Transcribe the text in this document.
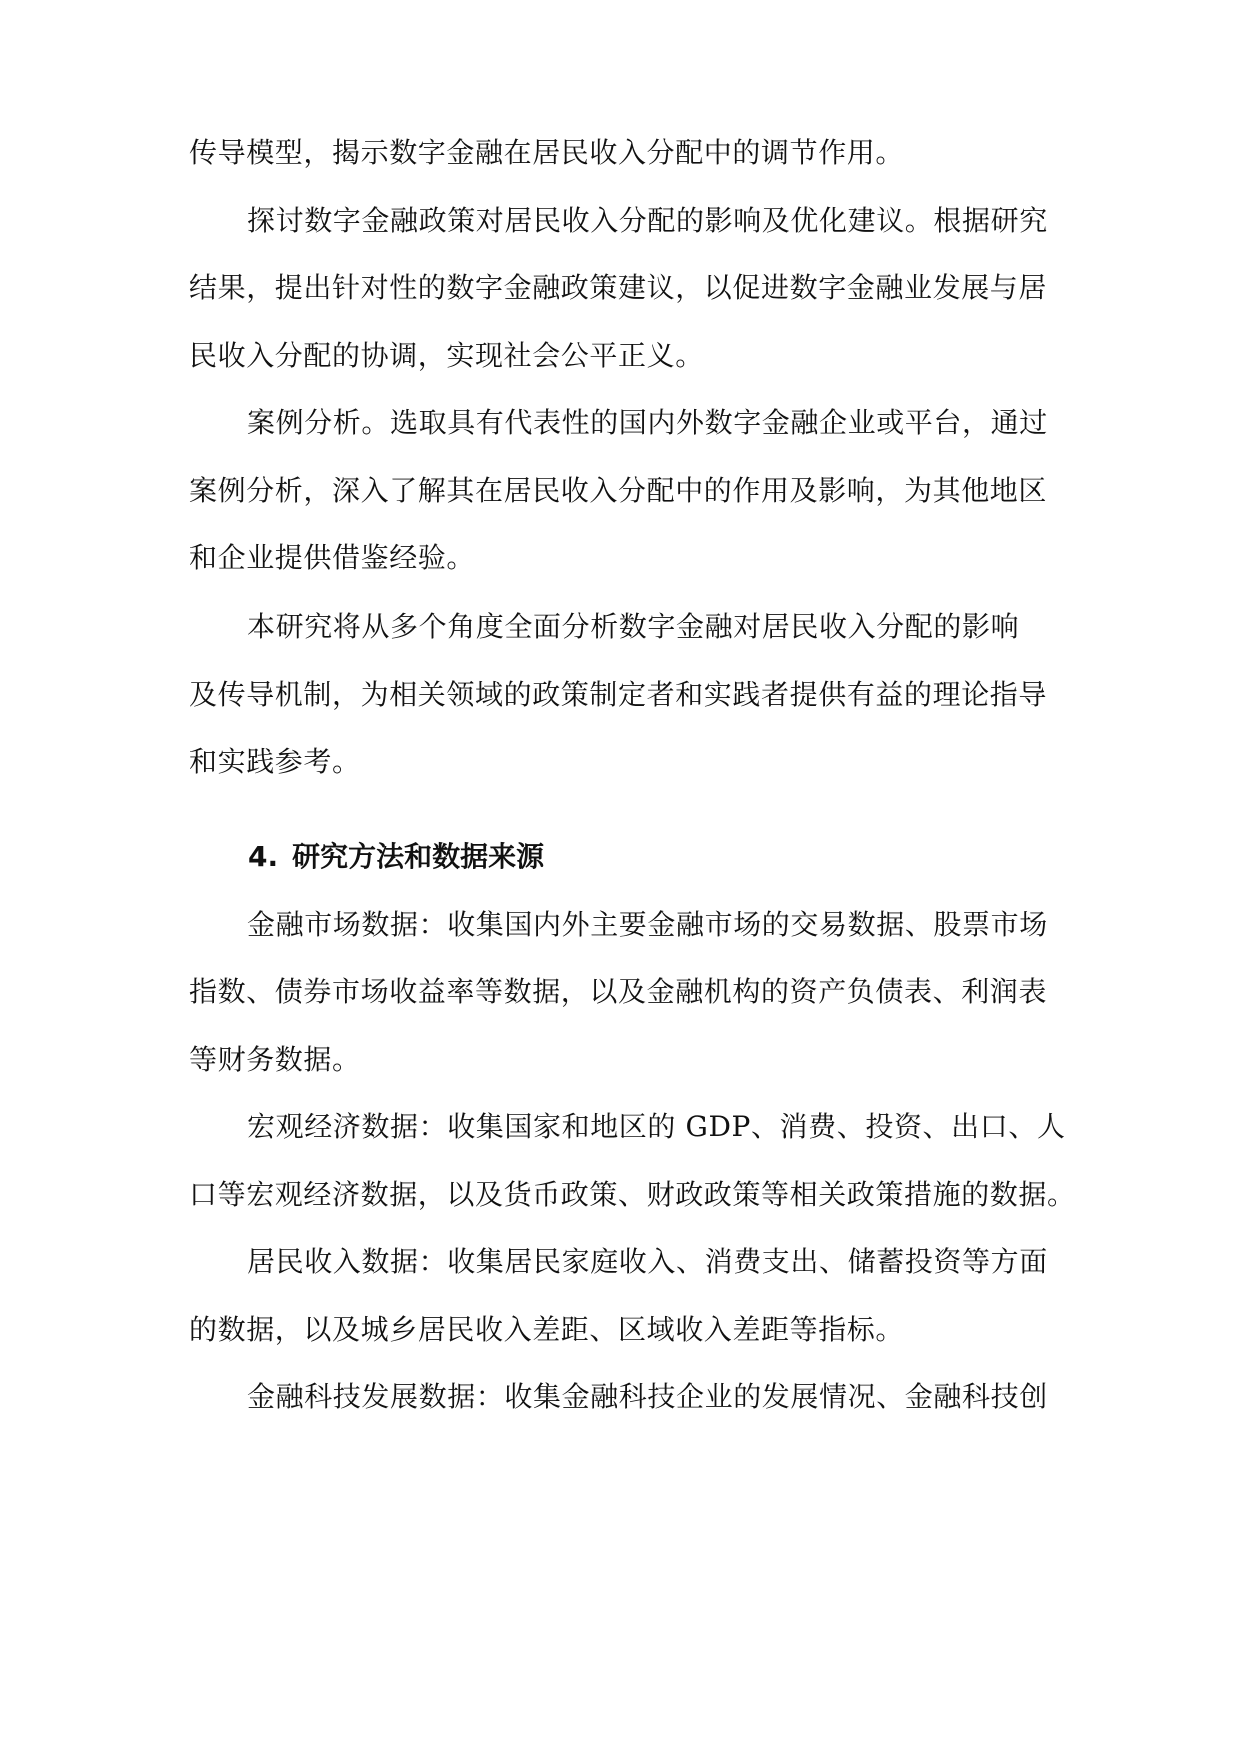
传导模型，揭示数字金融在居民收入分配中的调节作用。
探讨数字金融政策对居民收入分配的影响及优化建议。根据研究
结果，提出针对性的数字金融政策建议，以促进数字金融业发展与居
民收入分配的协调，实现社会公平正义。
案例分析。选取具有代表性的国内外数字金融企业或平台，通过
案例分析，深入了解其在居民收入分配中的作用及影响，为其他地区
和企业提供借鉴经验。
本研究将从多个角度全面分析数字金融对居民收入分配的影响
及传导机制，为相关领域的政策制定者和实践者提供有益的理论指导
和实践参考。
4. 研究方法和数据来源
金融市场数据：收集国内外主要金融市场的交易数据、股票市场
指数、债券市场收益率等数据，以及金融机构的资产负债表、利润表
等财务数据。
宏观经济数据：收集国家和地区的 GDP、消费、投资、出口、人
口等宏观经济数据，以及货币政策、财政政策等相关政策措施的数据。
居民收入数据：收集居民家庭收入、消费支出、储蓄投资等方面
的数据，以及城乡居民收入差距、区域收入差距等指标。
金融科技发展数据：收集金融科技企业的发展情况、金融科技创
